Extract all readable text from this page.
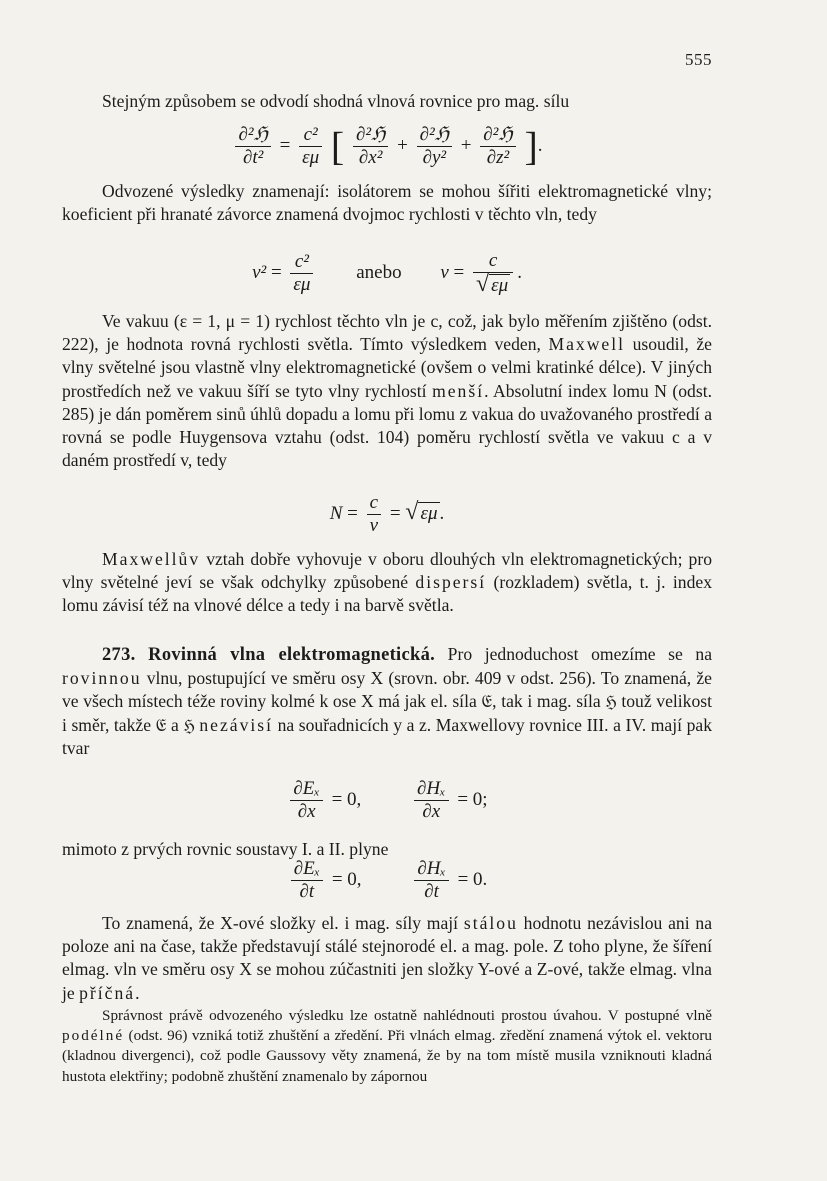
555
Stejným způsobem se odvodí shodná vlnová rovnice pro mag. sílu
$\frac{\text{∂²ℌ}}{\text{∂t²}} = \frac{\text{c²}}{\varepsilon\mu}$ [ $\frac{\text{∂²ℌ}}{\text{∂x²}} + \frac{\text{∂²ℌ}}{\text{∂y²}} + \frac{\text{∂²ℌ}}{\text{∂z²}}$ ].
Odvozené výsledky znamenají: isolátorem se mohou šířiti elektromagnetické vlny; koeficient při hranaté závorce znamená dvojmoc rychlosti v těchto vln, tedy
$v^2 = \frac{\text{c²}}{\varepsilon\mu}$ anebo $v = \frac{c}{√ \varepsilon\mu}$ .
Ve vakuu (ε = 1, μ = 1) rychlost těchto vln je c, což, jak bylo měřením zjištěno (odst. 222), je hodnota rovná rychlosti světla. Tímto výsledkem veden, Maxwell usoudil, že vlny světelné jsou vlastně vlny elektromagnetické (ovšem o velmi kratinké délce). V jiných prostředích než ve vakuu šíří se tyto vlny rychlostí menší. Absolutní index lomu N (odst. 285) je dán poměrem sinů úhlů dopadu a lomu při lomu z vakua do uvažovaného prostředí a rovná se podle Huygensova vztahu (odst. 104) poměru rychlostí světla ve vakuu c a v daném prostředí v, tedy
$N = \frac{c}{v}$ = √ εμ .
Maxwellův vztah dobře vyhovuje v oboru dlouhých vln elektromagnetických; pro vlny světelné jeví se však odchylky způsobené dispersí (rozkladem) světla, t. j. index lomu závisí též na vlnové délce a tedy i na barvě světla.
273. Rovinná vlna elektromagnetická. Pro jednoduchost omezíme se na rovinnou vlnu, postupující ve směru osy X (srovn. obr. 409 v odst. 256). To znamená, že ve všech místech téže roviny kolmé k ose X má jak el. síla 𝔈, tak i mag. síla ℌ touž velikost i směr, takže 𝔈 a ℌ nezávisí na souřadnicích y a z. Maxwellovy rovnice III. a IV. mají pak tvar
$\frac{\text{∂Eₓ}}{\partial x} = 0$,	$\frac{\text{∂Hₓ}}{\partial x} = 0$;
mimoto z prvých rovnic soustavy I. a II. plyne
$\frac{\text{∂Eₓ}}{\partial t} = 0$,	$\frac{\text{∂Hₓ}}{\partial t} = 0$.
To znamená, že X-ové složky el. i mag. síly mají stálou hodnotu nezávislou ani na poloze ani na čase, takže představují stálé stejnorodé el. a mag. pole. Z toho plyne, že šíření elmag. vln ve směru osy X se mohou zúčastniti jen složky Y-ové a Z-ové, takže elmag. vlna je příčná.
Správnost právě odvozeného výsledku lze ostatně nahlédnouti prostou úvahou. V postupné vlně podélné (odst. 96) vzniká totiž zhuštění a zředění. Při vlnách elmag. zředění znamená výtok el. vektoru (kladnou divergenci), což podle Gaussovy věty znamená, že by na tom místě musila vzniknouti kladná hustota elektřiny; podobně zhuštění znamenalo by zápornou
